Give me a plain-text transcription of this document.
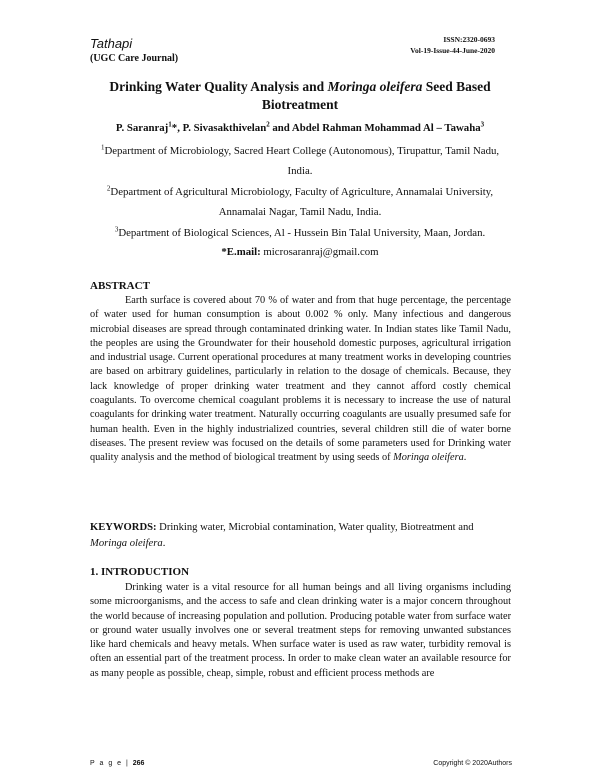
Tathapi
(UGC Care Journal)
ISSN:2320-0693
Vol-19-Issue-44-June-2020
Drinking Water Quality Analysis and Moringa oleifera Seed Based Biotreatment
P. Saranraj$^1$*, P. Sivasakthivelan$^2$ and Abdel Rahman Mohammad Al – Tawaha$^3$
$^1$Department of Microbiology, Sacred Heart College (Autonomous), Tirupattur, Tamil Nadu, India.
$^2$Department of Agricultural Microbiology, Faculty of Agriculture, Annamalai University, Annamalai Nagar, Tamil Nadu, India.
$^3$Department of Biological Sciences, Al - Hussein Bin Talal University, Maan, Jordan.
*E.mail: microsaranraj@gmail.com
ABSTRACT
Earth surface is covered about 70 % of water and from that huge percentage, the percentage of water used for human consumption is about 0.002 % only. Many infectious and dangerous microbial diseases are spread through contaminated drinking water. In Indian states like Tamil Nadu, the peoples are using the Groundwater for their household domestic purposes, agricultural irrigation and industrial usage. Current operational procedures at many treatment works in developing countries are based on arbitrary guidelines, particularly in relation to the dosage of chemicals. Because, they lack knowledge of proper drinking water treatment and they cannot afford costly chemical coagulants. To overcome chemical coagulant problems it is necessary to increase the use of natural coagulants for drinking water treatment. Naturally occurring coagulants are usually presumed safe for human health. Even in the highly industrialized countries, several children still die of water borne diseases. The present review was focused on the details of some parameters used for Drinking water quality analysis and the method of biological treatment by using seeds of Moringa oleifera.
KEYWORDS: Drinking water, Microbial contamination, Water quality, Biotreatment and Moringa oleifera.
1. INTRODUCTION
Drinking water is a vital resource for all human beings and all living organisms including some microorganisms, and the access to safe and clean drinking water is a major concern throughout the world because of increasing population and pollution. Producing potable water from surface water or ground water usually involves one or several treatment steps for removing unwanted substances like hard chemicals and heavy metals. When surface water is used as raw water, turbidity removal is often an essential part of the treatment process. In order to make clean water an available resource for as many people as possible, cheap, simple, robust and efficient process methods are
P a g e | 266	Copyright © 2020Authors
